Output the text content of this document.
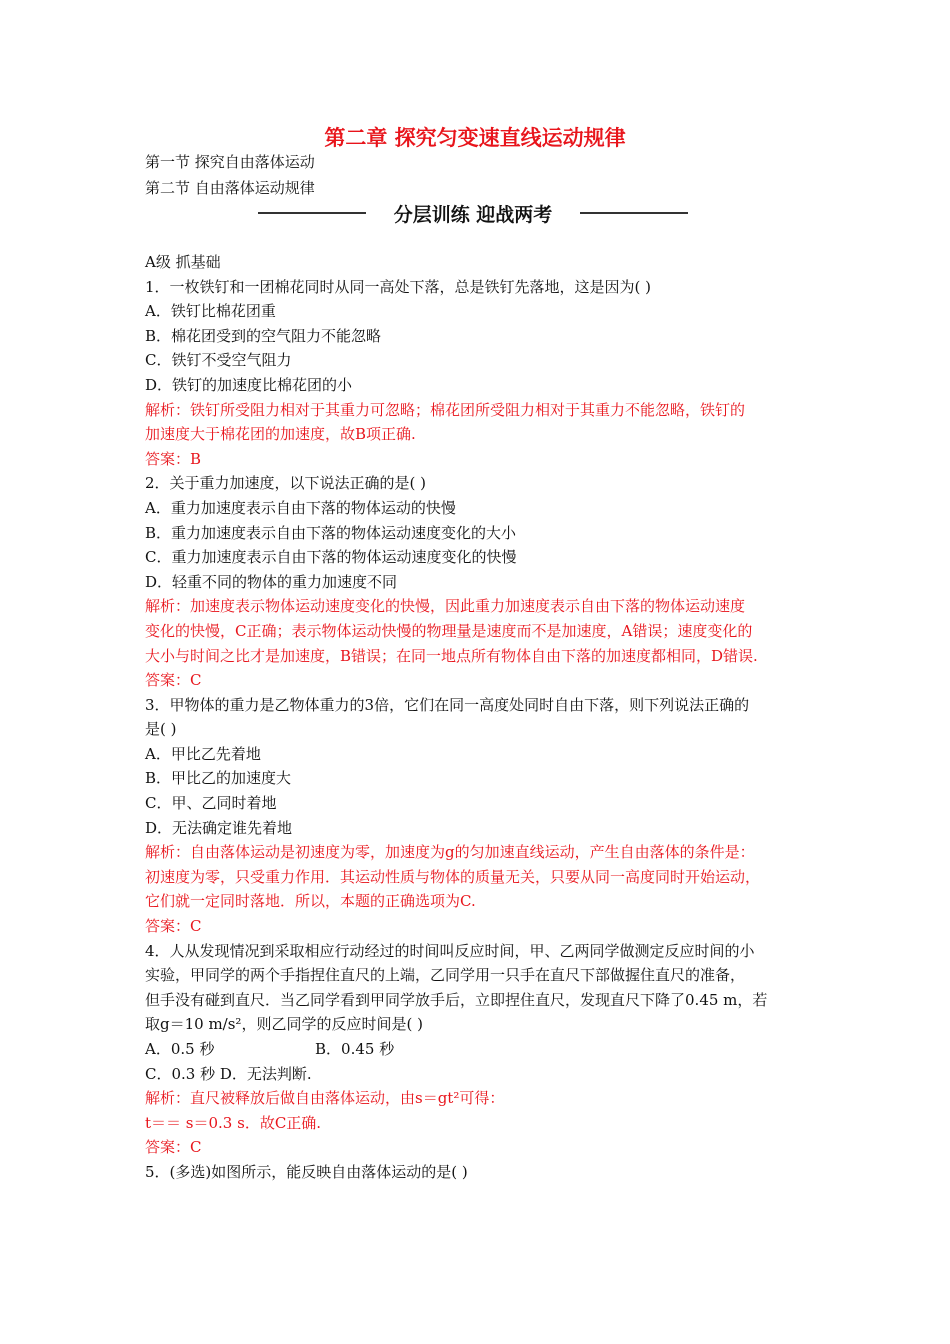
第二章 探究匀变速直线运动规律
第一节 探究自由落体运动
第二节 自由落体运动规律
分层训练 迎战两考
A级 抓基础
1．一枚铁钉和一团棉花同时从同一高处下落，总是铁钉先落地，这是因为( )
A．铁钉比棉花团重
B．棉花团受到的空气阻力不能忽略
C．铁钉不受空气阻力
D．铁钉的加速度比棉花团的小
解析：铁钉所受阻力相对于其重力可忽略；棉花团所受阻力相对于其重力不能忽略，铁钉的
加速度大于棉花团的加速度，故B项正确.
答案：B
2．关于重力加速度，以下说法正确的是( )
A．重力加速度表示自由下落的物体运动的快慢
B．重力加速度表示自由下落的物体运动速度变化的大小
C．重力加速度表示自由下落的物体运动速度变化的快慢
D．轻重不同的物体的重力加速度不同
解析：加速度表示物体运动速度变化的快慢，因此重力加速度表示自由下落的物体运动速度
变化的快慢，C正确；表示物体运动快慢的物理量是速度而不是加速度，A错误；速度变化的
大小与时间之比才是加速度，B错误；在同一地点所有物体自由下落的加速度都相同，D错误.
答案：C
3．甲物体的重力是乙物体重力的3倍，它们在同一高度处同时自由下落，则下列说法正确的
是( )
A．甲比乙先着地
B．甲比乙的加速度大
C．甲、乙同时着地
D．无法确定谁先着地
解析：自由落体运动是初速度为零，加速度为g的匀加速直线运动，产生自由落体的条件是：
初速度为零，只受重力作用．其运动性质与物体的质量无关，只要从同一高度同时开始运动，
它们就一定同时落地．所以，本题的正确选项为C.
答案：C
4．人从发现情况到采取相应行动经过的时间叫反应时间，甲、乙两同学做测定反应时间的小
实验，甲同学的两个手指捏住直尺的上端，乙同学用一只手在直尺下部做握住直尺的准备，
但手没有碰到直尺．当乙同学看到甲同学放手后，立即捏住直尺，发现直尺下降了0.45 m，若
取g＝10 m/s²，则乙同学的反应时间是( )
A．0.5 秒	B．0.45 秒
C．0.3 秒 D．无法判断.
解析：直尺被释放后做自由落体运动，由s＝gt²可得：
t＝＝ s＝0.3 s．故C正确.
答案：C
5．(多选)如图所示，能反映自由落体运动的是( )
